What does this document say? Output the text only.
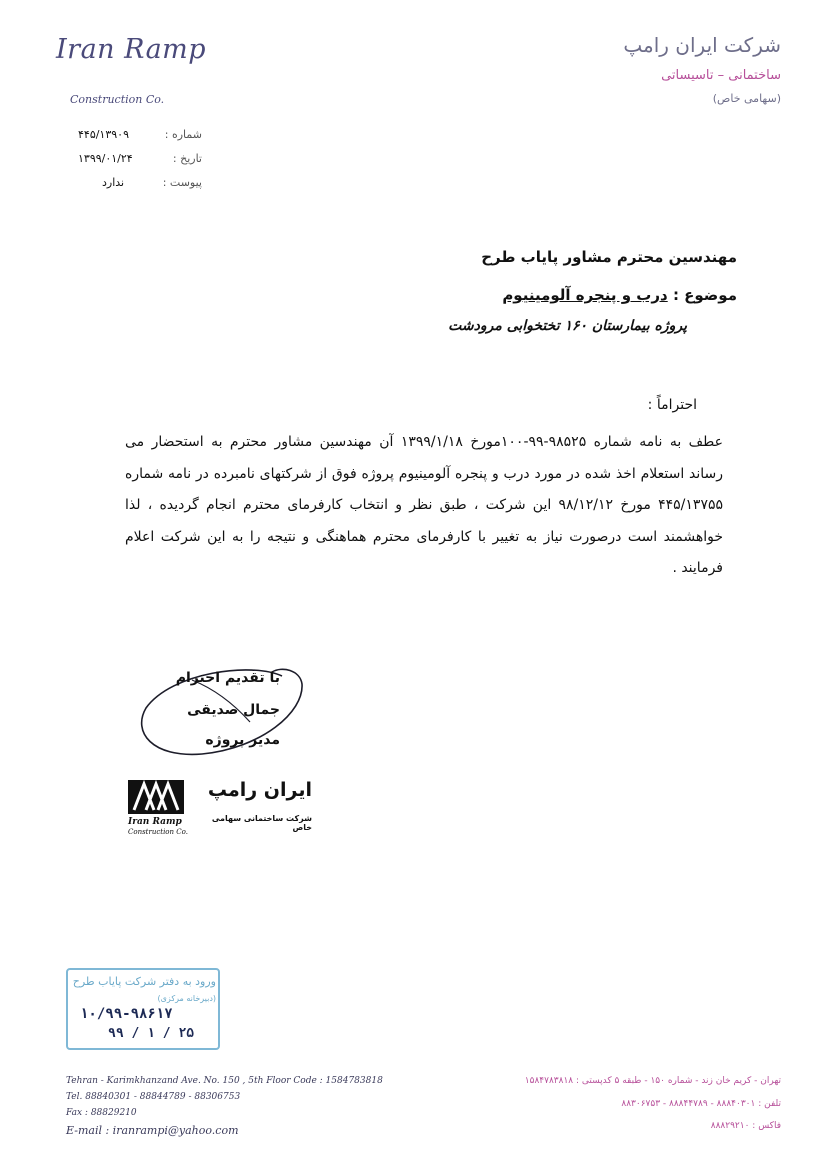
Iran Ramp
Construction Co.
شرکت ایران رامپ
ساختمانی – تاسیساتی
(سهامی خاص)
۴۴۵/۱۳۹۰۹	شماره :
۱۳۹۹/۰۱/۲۴	تاریخ :
ندارد	پیوست :
مهندسین محترم مشاور پایاب طرح
موضوع : درب و پنجره آلومینیوم
پروژه بیمارستان ۱۶۰ تختخوابی مرودشت
احتراماً :
عطف به نامه شماره ۹۸۵۲۵-۹۹-۱۰۰مورخ ۱۳۹۹/۱/۱۸ آن مهندسین مشاور محترم به استحضار می رساند استعلام اخذ شده در مورد درب و پنجره آلومینیوم پروژه فوق از شرکتهای نامبرده در نامه شماره ۴۴۵/۱۳۷۵۵ مورخ ۹۸/۱۲/۱۲ این شرکت ، طبق نظر و انتخاب کارفرمای محترم انجام گردیده ، لذا خواهشمند است درصورت نیاز به تغییر با کارفرمای محترم هماهنگی و نتیجه را به این شرکت اعلام فرمایند .
با تقدیم احترام
جمال صدیقی
مدیر پروژه
ایران رامپ
شرکت ساختمانی سهامی خاص
Iran Ramp
Construction Co.
ورود به دفتر شرکت پایاب طرح
(دبیرخانه مرکزی)
۱۰/۹۹-۹۸۶۱۷
۹۹ / ۱ / ۲۵
Tehran - Karimkhanzand Ave. No. 150 , 5th Floor Code : 1584783818
Tel. 88840301 - 88844789 - 88306753
Fax : 88829210
E-mail : iranrampi@yahoo.com
تهران - کریم خان زند - شماره ۱۵۰ - طبقه ۵ کدپستی : ۱۵۸۴۷۸۳۸۱۸
تلفن : ۸۸۸۴۰۳۰۱ - ۸۸۸۴۴۷۸۹ - ۸۸۳۰۶۷۵۳
فاکس : ۸۸۸۲۹۲۱۰
